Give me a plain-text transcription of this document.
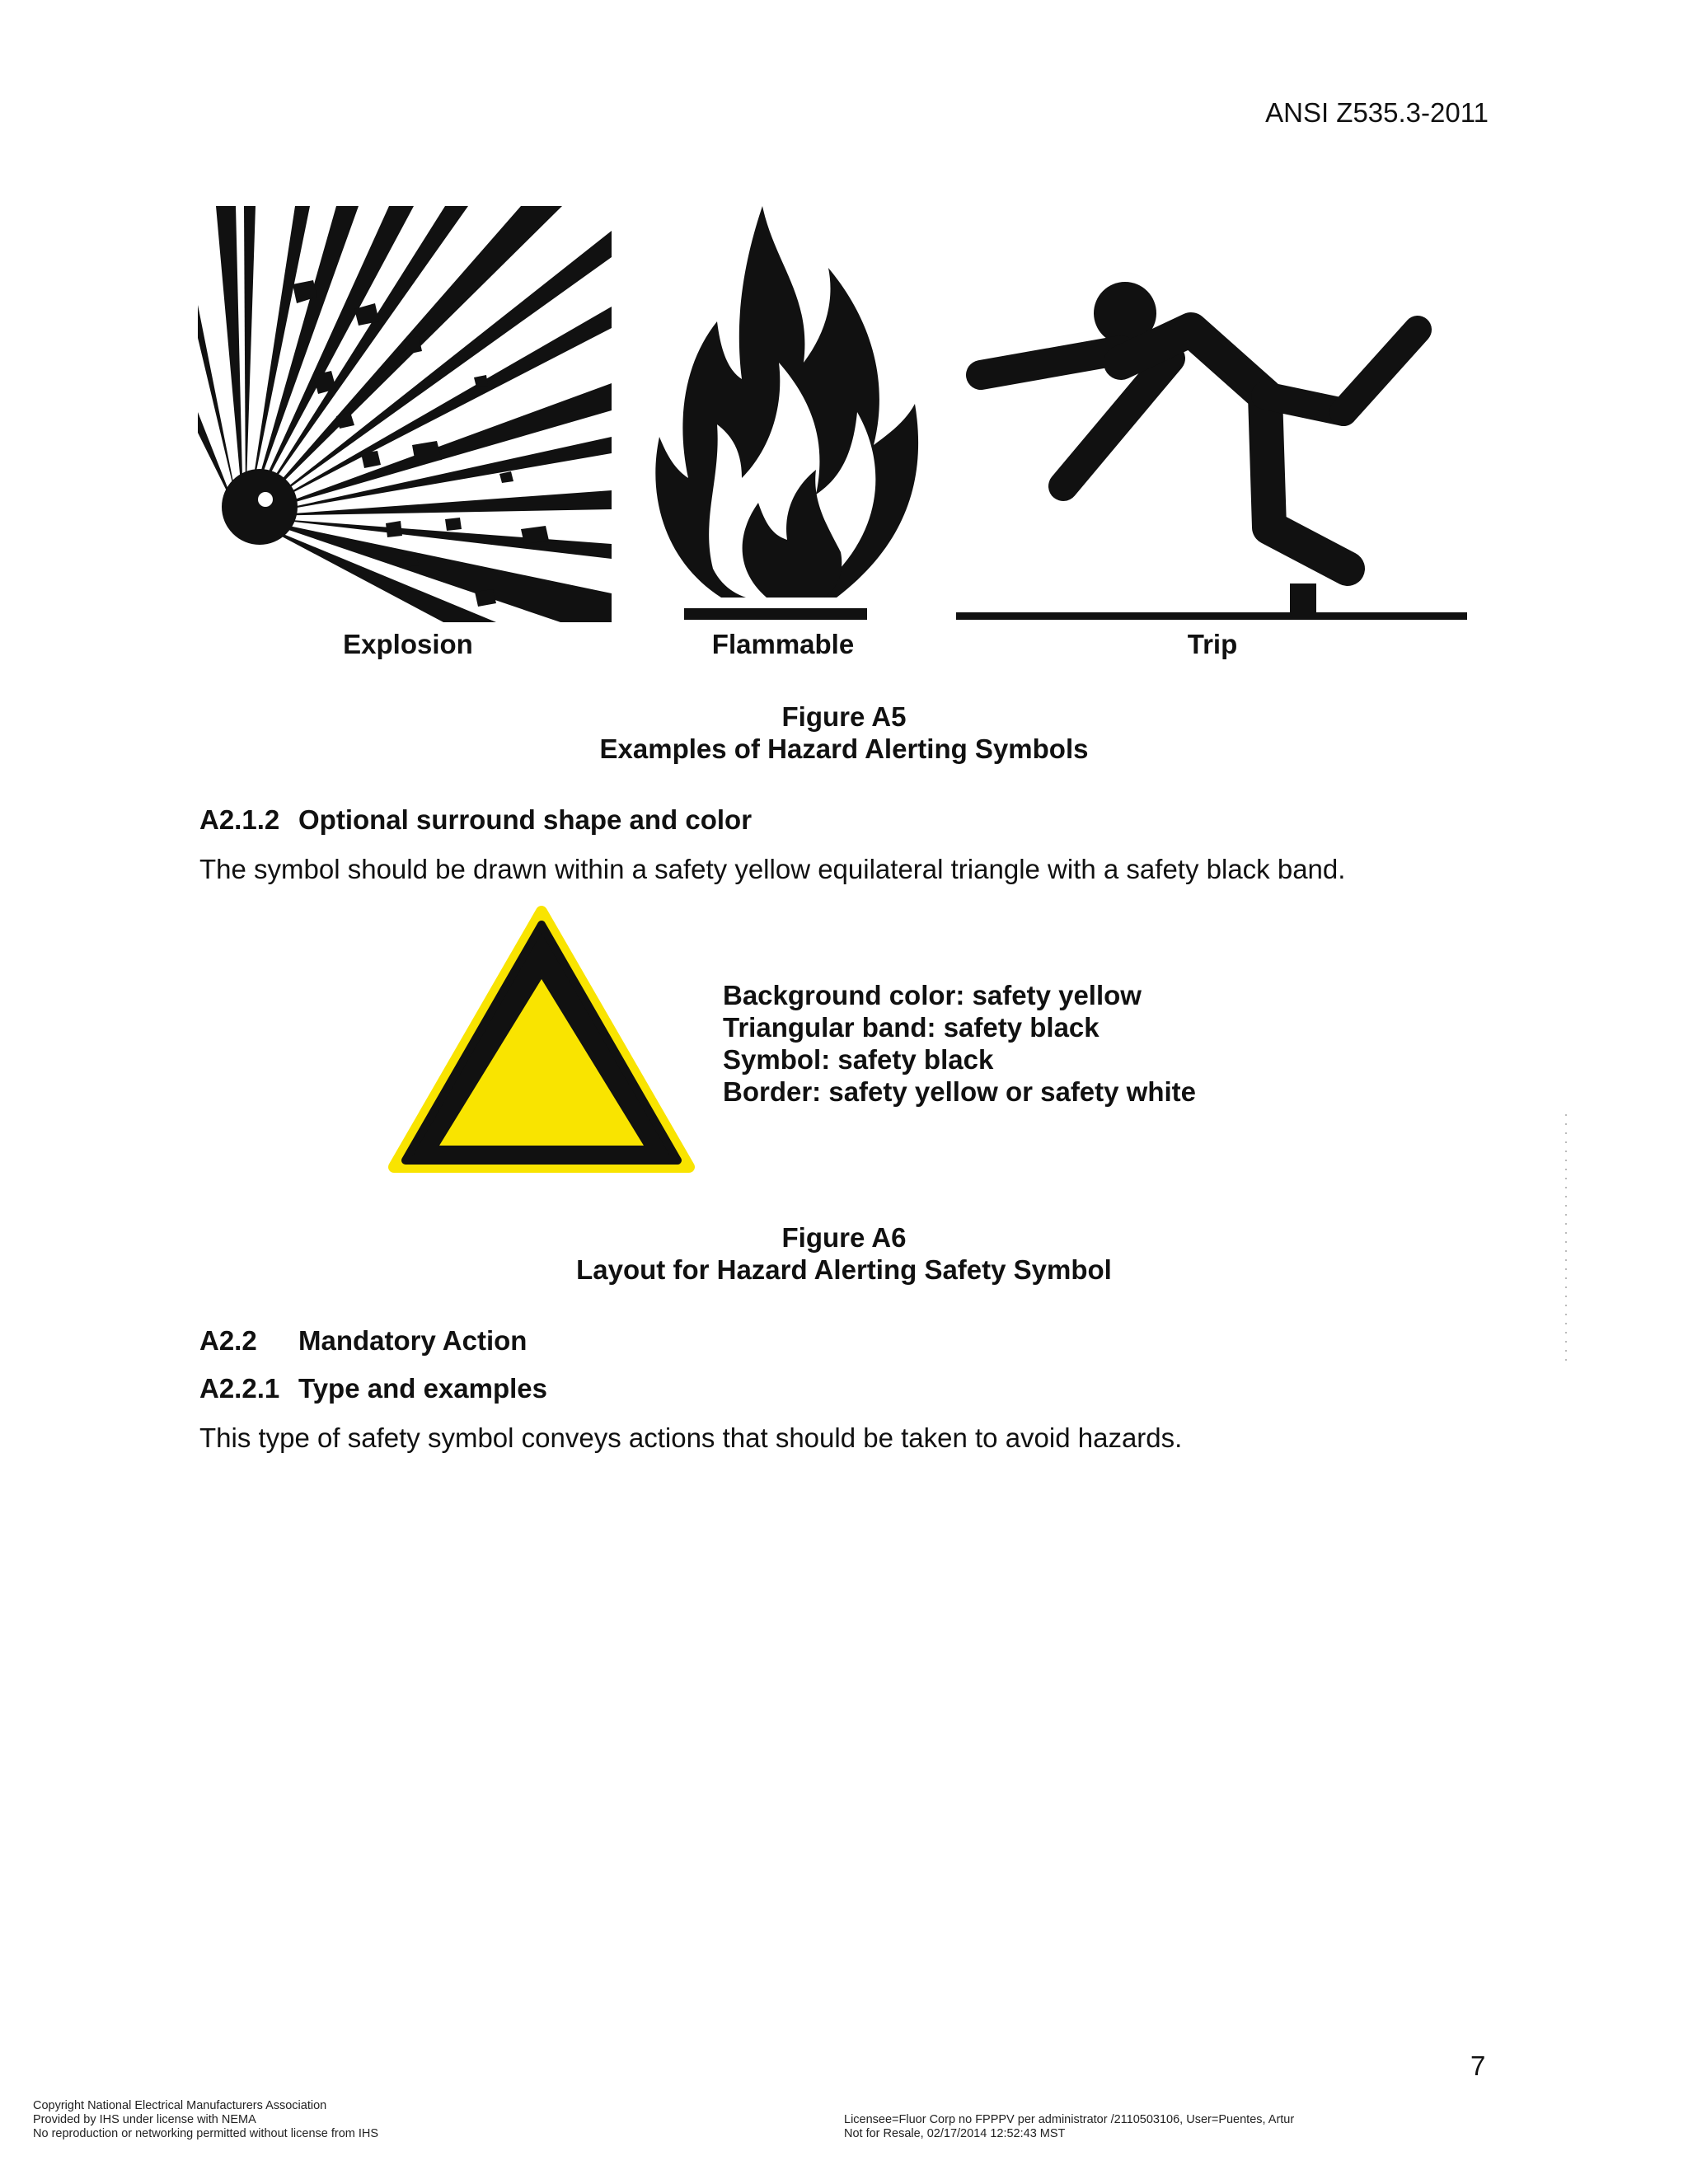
ANSI Z535.3-2011
Explosion	Flammable	Trip
Figure A5
Examples of Hazard Alerting Symbols
A2.1.2 Optional surround shape and color
The symbol should be drawn within a safety yellow equilateral triangle with a safety black band.
Background color: safety yellow
Triangular band: safety black
Symbol: safety black
Border: safety yellow or safety white
Figure A6
Layout for Hazard Alerting Safety Symbol
A2.2 Mandatory Action
A2.2.1 Type and examples
This type of safety symbol conveys actions that should be taken to avoid hazards.
7
Copyright National Electrical Manufacturers Association
Provided by IHS under license with NEMA
No reproduction or networking permitted without license from IHS
Licensee=Fluor Corp no FPPPV per administrator /2110503106, User=Puentes, Artur
Not for Resale, 02/17/2014 12:52:43 MST
